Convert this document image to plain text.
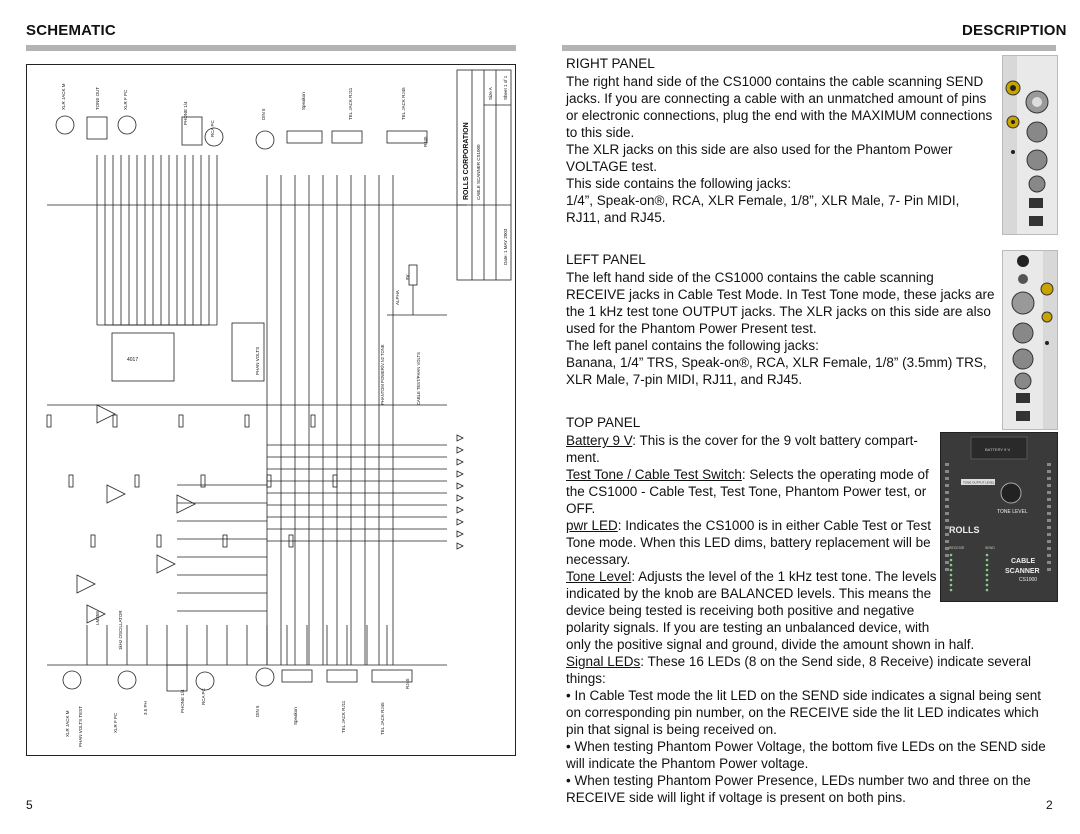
SCHEMATIC	DESCRIPTION
ROLLS CORPORATION CABLE SCANNER CS1000
Size A Sheet 1 of 1
Date: 1 MAY 2003
XLR JACK M	TONE OUT	XLR F PC
PHONE 1/4
RCA PC
DIN 5
Speakon	TEL JACK RJ11	TEL JACK RJ45
RJ45
4017	PHAN VOLTS
9V
ALPHA
PHANTOM POWER/V.N2 TONE	CABLE TEST/PHAN VOLTS
1kHz OSCILLATOR
LM358
XLR JACK M PHAN VOLTS TEST	XLR F PC
3.5 PH	PHONE 1/4	RCA PC
DIN 5	Speakon	TEL JACK RJ11	TEL JACK RJ45
RJ45
RIGHT PANEL
The right hand side of the CS1000 contains the cable scanning SEND
jacks. If you are connecting a cable with an unmatched amount of pins
or electronic connections, plug the end with the MAXIMUM connections
to this side.
The XLR jacks on this side are also used for the Phantom Power
VOLTAGE test.
This side contains the following jacks:
1/4”, Speak-on®, RCA, XLR Female, 1/8”, XLR Male, 7- Pin MIDI,
RJ11, and RJ45.
LEFT PANEL
The left hand side of the CS1000 contains the cable scanning
RECEIVE jacks in Cable Test Mode. In Test Tone mode, these jacks are
the 1 kHz test tone OUTPUT jacks. The XLR jacks on this side are also
used for the Phantom Power Present test.
The left panel contains the following jacks:
Banana, 1/4” TRS, Speak-on®, RCA, XLR Female, 1/8” (3.5mm) TRS,
XLR Male, 7-pin MIDI, RJ11, and RJ45.
TOP PANEL
Battery 9 V: This is the cover for the 9 volt battery compart-
ment.
Test Tone / Cable Test Switch: Selects the operating mode of
the CS1000 - Cable Test, Test Tone, Phantom Power test, or
OFF.
pwr LED: Indicates the CS1000 is in either Cable Test or Test
Tone mode. When this LED dims, battery replacement will be
necessary.
Tone Level: Adjusts the level of the 1 kHz test tone. The levels
indicated by the knob are BALANCED levels. This means the
device being tested is receiving both positive and negative
polarity signals. If you are testing an unbalanced device, with
only the positive signal and ground, divide the amount shown in half.
Signal LEDs: These 16 LEDs (8 on the Send side, 8 Receive) indicate several
things:
• In Cable Test mode the lit LED on the SEND side indicates a signal being sent
on corresponding pin number, on the RECEIVE side the lit LED indicates which
pin that signal is being received on.
• When testing Phantom Power Voltage, the bottom five LEDs on the SEND side
will indicate the Phantom Power voltage.
• When testing Phantom Power Presence, LEDs number two and three on the
RECEIVE side will light if voltage is present on both pins.
BATTERY 9 V
TONE OUTPUT LEVEL
TONE LEVEL
ROLLS
CABLE
SCANNER
CS1000
RECEIVE	SEND
5	2
